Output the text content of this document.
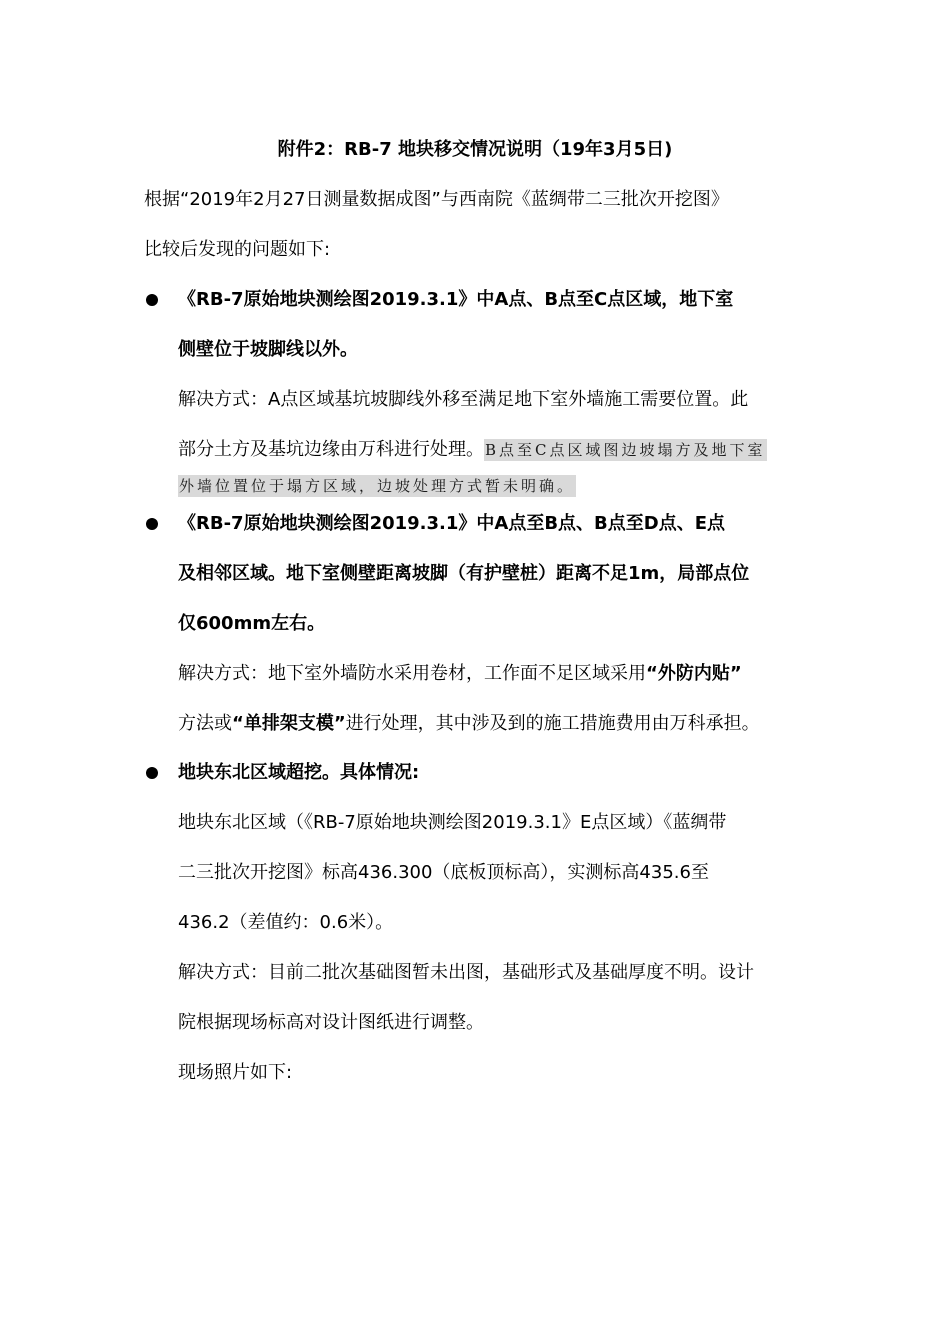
附件2：RB-7 地块移交情况说明（19年3月5日)
根据“2019年2月27日测量数据成图”与西南院《蓝绸带二三批次开挖图》
比较后发现的问题如下:
《RB-7原始地块测绘图2019.3.1》中A点、B点至C点区域，地下室
侧壁位于坡脚线以外。
解决方式：A点区域基坑坡脚线外移至满足地下室外墙施工需要位置。此
部分土方及基坑边缘由万科进行处理。B点至C点区域图边坡塌方及地下室
外墙位置位于塌方区域，边坡处理方式暂未明确。
《RB-7原始地块测绘图2019.3.1》中A点至B点、B点至D点、E点
及相邻区域。地下室侧壁距离坡脚（有护壁桩）距离不足1m，局部点位
仅600mm左右。
解决方式：地下室外墙防水采用卷材，工作面不足区域采用“外防内贴”
方法或“单排架支模”进行处理，其中涉及到的施工措施费用由万科承担。
地块东北区域超挖。具体情况:
地块东北区域（《RB-7原始地块测绘图2019.3.1》E点区域）《蓝绸带
二三批次开挖图》标高436.300（底板顶标高），实测标高435.6至
436.2（差值约：0.6米）。
解决方式：目前二批次基础图暂未出图，基础形式及基础厚度不明。设计
院根据现场标高对设计图纸进行调整。
现场照片如下:
